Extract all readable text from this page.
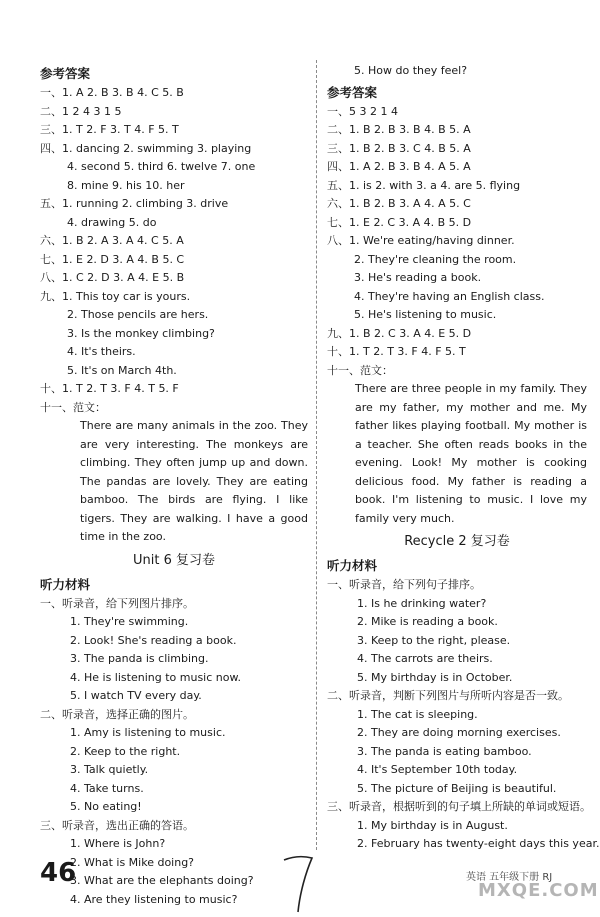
参考答案
一、1. A 2. B 3. B 4. C 5. B
二、1 2 4 3 1 5
三、1. T 2. F 3. T 4. F 5. T
四、1. dancing 2. swimming 3. playing
4. second 5. third 6. twelve 7. one
8. mine 9. his 10. her
五、1. running 2. climbing 3. drive
4. drawing 5. do
六、1. B 2. A 3. A 4. C 5. A
七、1. E 2. D 3. A 4. B 5. C
八、1. C 2. D 3. A 4. E 5. B
九、1. This toy car is yours.
2. Those pencils are hers.
3. Is the monkey climbing?
4. It's theirs.
5. It's on March 4th.
十、1. T 2. T 3. F 4. T 5. F
十一、范文：
There are many animals in the zoo. They are very interesting. The monkeys are climbing. They often jump up and down. The pandas are lovely. They are eating bamboo. The birds are flying. I like tigers. They are walking. I have a good time in the zoo.
Unit 6 复习卷
听力材料
一、听录音，给下列图片排序。
1. They're swimming.
2. Look! She's reading a book.
3. The panda is climbing.
4. He is listening to music now.
5. I watch TV every day.
二、听录音，选择正确的图片。
1. Amy is listening to music.
2. Keep to the right.
3. Talk quietly.
4. Take turns.
5. No eating!
三、听录音，选出正确的答语。
1. Where is John?
2. What is Mike doing?
3. What are the elephants doing?
4. Are they listening to music?
5. How do they feel?
参考答案
一、5 3 2 1 4
二、1. B 2. B 3. B 4. B 5. A
三、1. B 2. B 3. C 4. B 5. A
四、1. A 2. B 3. B 4. A 5. A
五、1. is 2. with 3. a 4. are 5. flying
六、1. B 2. B 3. A 4. A 5. C
七、1. E 2. C 3. A 4. B 5. D
八、1. We're eating/having dinner.
2. They're cleaning the room.
3. He's reading a book.
4. They're having an English class.
5. He's listening to music.
九、1. B 2. C 3. A 4. E 5. D
十、1. T 2. T 3. F 4. F 5. T
十一、范文：
There are three people in my family. They are my father, my mother and me. My father likes playing football. My mother is a teacher. She often reads books in the evening. Look! My mother is cooking delicious food. My father is reading a book. I'm listening to music. I love my family very much.
Recycle 2 复习卷
听力材料
一、听录音，给下列句子排序。
1. Is he drinking water?
2. Mike is reading a book.
3. Keep to the right, please.
4. The carrots are theirs.
5. My birthday is in October.
二、听录音，判断下列图片与所听内容是否一致。
1. The cat is sleeping.
2. They are doing morning exercises.
3. The panda is eating bamboo.
4. It's September 10th today.
5. The picture of Beijing is beautiful.
三、听录音，根据听到的句子填上所缺的单词或短语。
1. My birthday is in August.
2. February has twenty-eight days this year.
46	英语 五年级下册 RJ
MXQE.COM
